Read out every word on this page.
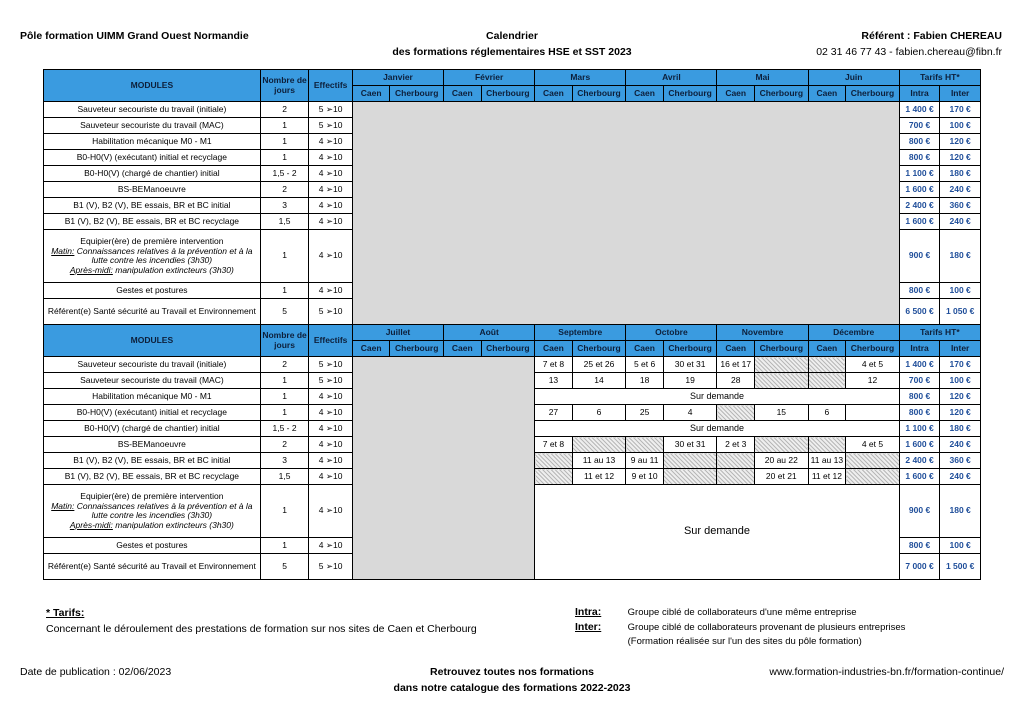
Pôle formation UIMM Grand Ouest Normandie	Calendrier
des formations réglementaires HSE et SST 2023
Référent : Fabien CHEREAU
02 31 46 77 43 - fabien.chereau@fibn.fr
MODULES	Nombre de jours	Effectifs	Janvier		Février		Mars		Avril		Mai		Juin		Tarifs HT*	
			Caen	Cherbourg	Caen	Cherbourg	Caen	Cherbourg	Caen	Cherbourg	Caen	Cherbourg	Caen	Cherbourg	Intra	Inter
Sauveteur secouriste du travail (initiale)	2	5 ➢10													1 400 €	170 €
Sauveteur secouriste du travail (MAC)	1	5 ➢10													700 €	100 €
Habilitation mécanique M0 - M1	1	4 ➢10													800 €	120 €
B0-H0(V) (exécutant) initial et recyclage	1	4 ➢10													800 €	120 €
B0-H0(V) (chargé de chantier) initial	1,5 - 2	4 ➢10													1 100 €	180 €
BS-BEManoeuvre	2	4 ➢10													1 600 €	240 €
B1 (V), B2 (V), BE essais, BR et BC initial	3	4 ➢10													2 400 €	360 €
B1 (V), B2 (V), BE essais, BR et BC recyclage	1,5	4 ➢10													1 600 €	240 €

Equipier(ère) de première intervention
Matin: Connaissances relatives à la prévention et à la lutte contre les incendies (3h30)
Après-midi: manipulation extincteurs (3h30)	1	4 ➢10													900 €	180 €
Gestes et postures	1	4 ➢10													800 €	100 €
Référent(e) Santé sécurité au Travail et Environnement	5	5 ➢10													6 500 €	1 050 €
MODULES	Nombre de jours	Effectifs	Juillet		Août		Septembre		Octobre		Novembre		Décembre		Tarifs HT*	
			Caen	Cherbourg	Caen	Cherbourg	Caen	Cherbourg	Caen	Cherbourg	Caen	Cherbourg	Caen	Cherbourg	Intra	Inter
Sauveteur secouriste du travail (initiale)	2	5 ➢10					7 et 8	25 et 26	5 et 6	30 et 31	16 et 17			4 et 5	1 400 €	170 €
Sauveteur secouriste du travail (MAC)	1	5 ➢10					13	14	18	19	28			12	700 €	100 €
Habilitation mécanique M0 - M1	1	4 ➢10					Sur demande								800 €	120 €
B0-H0(V) (exécutant) initial et recyclage	1	4 ➢10					27	6	25	4		15	6		800 €	120 €
B0-H0(V) (chargé de chantier) initial	1,5 - 2	4 ➢10					Sur demande								1 100 €	180 €
BS-BEManoeuvre	2	4 ➢10					7 et 8			30 et 31	2 et 3			4 et 5	1 600 €	240 €
B1 (V), B2 (V), BE essais, BR et BC initial	3	4 ➢10						11 au 13	9 au 11			20 au 22	11 au 13		2 400 €	360 €
B1 (V), B2 (V), BE essais, BR et BC recyclage	1,5	4 ➢10						11 et 12	9 et 10			20 et 21	11 et 12		1 600 €	240 €

Equipier(ère) de première intervention
Matin: Connaissances relatives à la prévention et à la lutte contre les incendies (3h30)
Après-midi: manipulation extincteurs (3h30)	1	4 ➢10					Sur demande								900 €	180 €
Gestes et postures	1	4 ➢10													800 €	100 €
Référent(e) Santé sécurité au Travail et Environnement	5	5 ➢10													7 000 €	1 500 €
* Tarifs:
Concernant le déroulement des prestations de formation sur nos sites de Caen et Cherbourg
Intra:	Groupe ciblé de collaborateurs d'une même entreprise
Inter:	Groupe ciblé de collaborateurs provenant de plusieurs entreprises
(Formation réalisée sur l'un des sites du pôle formation)
Date de publication : 02/06/2023	Retrouvez toutes nos formations
dans notre catalogue des formations 2022-2023
www.formation-industries-bn.fr/formation-continue/
